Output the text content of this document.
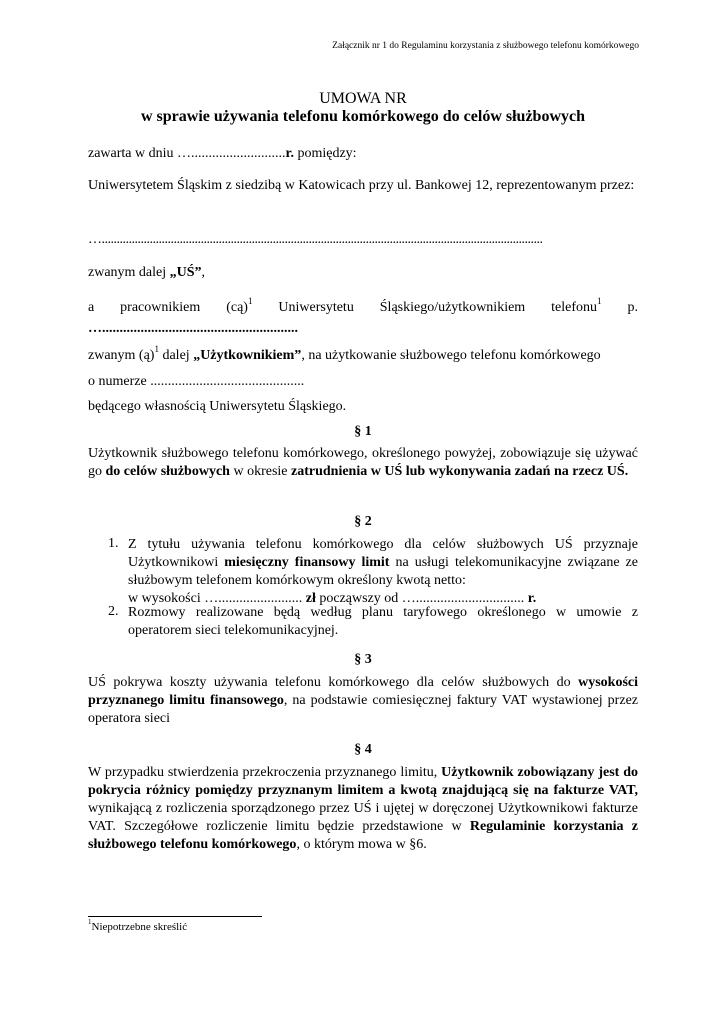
Załącznik nr 1 do Regulaminu korzystania z służbowego telefonu komórkowego
UMOWA NR
w sprawie używania telefonu komórkowego do celów służbowych
zawarta w dniu …...........................r. pomiędzy:
Uniwersytetem Śląskim z siedzibą w Katowicach przy ul. Bankowej 12, reprezentowanym przez:
…...................................................................................................................................................
zwanym dalej „UŚ”,
a pracownikiem (cą)$^1$ Uniwersytetu Śląskiego/użytkownikiem telefonu$^1$ p.
…........................................................
zwanym (ą)$^1$ dalej „Użytkownikiem”, na użytkowanie służbowego telefonu komórkowego
o numerze ............................................
będącego własnością Uniwersytetu Śląskiego.
§ 1
Użytkownik służbowego telefonu komórkowego, określonego powyżej, zobowiązuje się używać go do celów służbowych w okresie zatrudnienia w UŚ lub wykonywania zadań na rzecz UŚ.
§ 2
1. Z tytułu używania telefonu komórkowego dla celów służbowych UŚ przyznaje Użytkownikowi miesięczny finansowy limit na usługi telekomunikacyjne związane ze służbowym telefonem komórkowym określony kwotą netto:
w wysokości …........................ zł począwszy od …............................... r.
2. Rozmowy realizowane będą według planu taryfowego określonego w umowie z operatorem sieci telekomunikacyjnej.
§ 3
UŚ pokrywa koszty używania telefonu komórkowego dla celów służbowych do wysokości przyznanego limitu finansowego, na podstawie comiesięcznej faktury VAT wystawionej przez operatora sieci
§ 4
W przypadku stwierdzenia przekroczenia przyznanego limitu, Użytkownik zobowiązany jest do pokrycia różnicy pomiędzy przyznanym limitem a kwotą znajdującą się na fakturze VAT, wynikającą z rozliczenia sporządzonego przez UŚ i ujętej w doręczonej Użytkownikowi fakturze VAT. Szczegółowe rozliczenie limitu będzie przedstawione w Regulaminie korzystania z służbowego telefonu komórkowego, o którym mowa w §6.
$^1$Niepotrzebne skreślić
